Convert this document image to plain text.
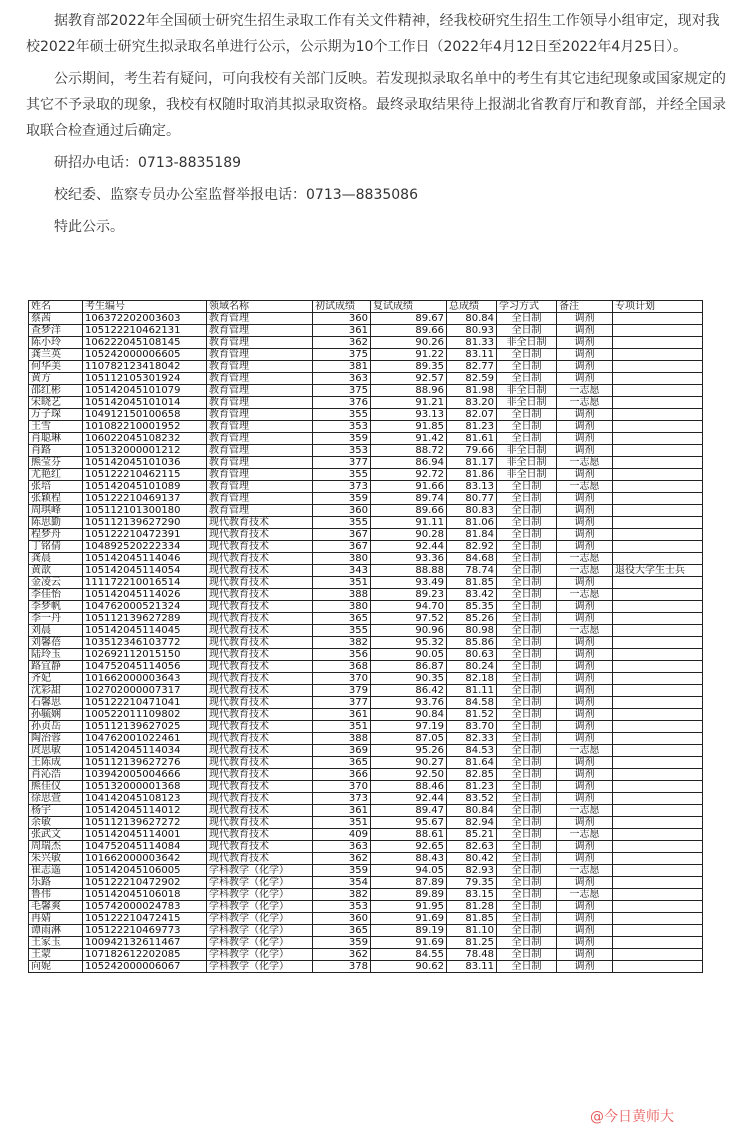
据教育部2022年全国硕士研究生招生录取工作有关文件精神，经我校研究生招生工作领导小组审定，现对我校2022年硕士研究生拟录取名单进行公示，公示期为10个工作日（2022年4月12日至2022年4月25日）。

公示期间，考生若有疑问，可向我校有关部门反映。若发现拟录取名单中的考生有其它违纪现象或国家规定的其它不予录取的现象，我校有权随时取消其拟录取资格。最终录取结果待上报湖北省教育厅和教育部，并经全国录取联合检查通过后确定。

研招办电话：0713-8835189

校纪委、监察专员办公室监督举报电话：0713—8835086

特此公示。

姓名	考生编号	领域名称	初试成绩	复试成绩	总成绩	学习方式	备注	专项计划
蔡茜	106372202003603	教育管理	360	89.67	80.84	全日制	调剂	
查梦洋	105122210462131	教育管理	361	89.66	80.93	全日制	调剂	
陈小玲	106222045108145	教育管理	362	90.26	81.33	非全日制	调剂	
龚兰英	105242000006605	教育管理	375	91.22	83.11	全日制	调剂	
何华美	110782123418042	教育管理	381	89.35	82.77	全日制	调剂	
黄方	105112105301924	教育管理	363	92.57	82.59	全日制	调剂	
邵红彬	105142045101079	教育管理	375	88.96	81.98	非全日制	一志愿	
宋晓艺	105142045101014	教育管理	376	91.21	83.20	非全日制	一志愿	
万子琛	104912150100658	教育管理	355	93.13	82.07	全日制	调剂	
王雪	101082210001952	教育管理	353	91.85	81.23	全日制	调剂	
肖聪琳	106022045108232	教育管理	359	91.42	81.61	全日制	调剂	
肖路	105132000001212	教育管理	353	88.72	79.66	非全日制	调剂	
熊莹芬	105142045101036	教育管理	377	86.94	81.17	非全日制	一志愿	
尤艳红	105122210462115	教育管理	355	92.72	81.86	非全日制	调剂	
张培	105142045101089	教育管理	373	91.66	83.13	全日制	一志愿	
张颖程	105122210469137	教育管理	359	89.74	80.77	全日制	调剂	
周琪峰	105112101300180	教育管理	360	89.66	80.83	全日制	调剂	
陈思勤	105112139627290	现代教育技术	355	91.11	81.06	全日制	调剂	
程梦舟	105122210472391	现代教育技术	367	90.28	81.84	全日制	调剂	
丁铭倩	104892520222334	现代教育技术	367	92.44	82.92	全日制	调剂	
龚晨	105142045114046	现代教育技术	380	93.36	84.68	全日制	一志愿	
黄歆	105142045114054	现代教育技术	343	88.88	78.74	全日制	一志愿	退役大学生士兵
金凌云	111172210016514	现代教育技术	351	93.49	81.85	全日制	调剂	
李佳怡	105142045114026	现代教育技术	388	89.23	83.42	全日制	一志愿	
李梦帆	104762000521324	现代教育技术	380	94.70	85.35	全日制	调剂	
李一丹	105112139627289	现代教育技术	365	97.52	85.26	全日制	调剂	
刘晨	105142045114045	现代教育技术	355	90.96	80.98	全日制	一志愿	
刘馨蓓	103512346103772	现代教育技术	382	95.32	85.86	全日制	调剂	
陆玲玉	102692112015150	现代教育技术	356	90.05	80.63	全日制	调剂	
路宜静	104752045114056	现代教育技术	368	86.87	80.24	全日制	调剂	
齐妃	101662000003643	现代教育技术	370	90.35	82.18	全日制	调剂	
沈彩甜	102702000007317	现代教育技术	379	86.42	81.11	全日制	调剂	
石馨思	105122210471041	现代教育技术	377	93.76	84.58	全日制	调剂	
孙毓娴	100522011109802	现代教育技术	361	90.84	81.52	全日制	调剂	
孙贞岳	105112139627025	现代教育技术	351	97.19	83.70	全日制	调剂	
陶治蓉	104762001022461	现代教育技术	388	87.05	82.33	全日制	调剂	
庹思敏	105142045114034	现代教育技术	369	95.26	84.53	全日制	一志愿	
王陈成	105112139627276	现代教育技术	365	90.27	81.64	全日制	调剂	
肖沁浩	103942005004666	现代教育技术	366	92.50	82.85	全日制	调剂	
熊佳仪	105132000001368	现代教育技术	370	88.46	81.23	全日制	调剂	
徐思萱	104142045108123	现代教育技术	373	92.44	83.52	全日制	调剂	
杨宇	105142045114012	现代教育技术	361	89.47	80.84	全日制	一志愿	
余敏	105112139627272	现代教育技术	351	95.67	82.94	全日制	调剂	
张武文	105142045114001	现代教育技术	409	88.61	85.21	全日制	一志愿	
周瑞杰	104752045114084	现代教育技术	363	92.65	82.63	全日制	调剂	
朱兴敏	101662000003642	现代教育技术	362	88.43	80.42	全日制	调剂	
崔志遥	105142045106005	学科教学（化学）	359	94.05	82.93	全日制	一志愿	
乐路	105122210472902	学科教学（化学）	354	87.89	79.35	全日制	调剂	
鲁伟	105142045106018	学科教学（化学）	382	89.89	83.15	全日制	一志愿	
毛馨爽	105742000024783	学科教学（化学）	353	91.95	81.28	全日制	调剂	
冉婧	105122210472415	学科教学（化学）	360	91.69	81.85	全日制	调剂	
谭雨淋	105122210469773	学科教学（化学）	365	89.19	81.10	全日制	调剂	
王家玉	100942132611467	学科教学（化学）	359	91.69	81.25	全日制	调剂	
王蒙	107182612202085	学科教学（化学）	362	84.55	78.48	全日制	调剂	
向妮	105242000006067	学科教学（化学）	378	90.62	83.11	全日制	调剂	
@今日黄师大
